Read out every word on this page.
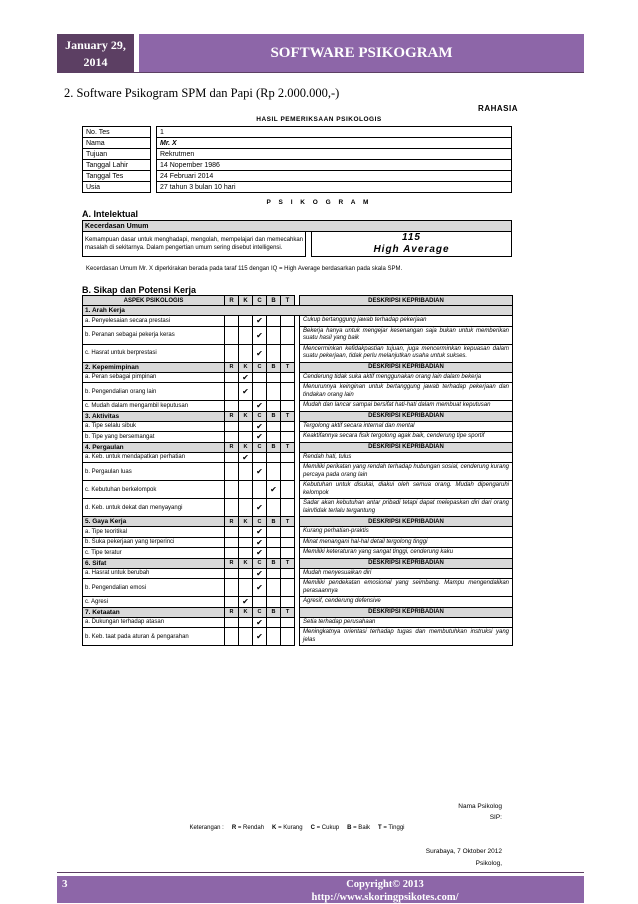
January 29,
2014
SOFTWARE PSIKOGRAM
2. Software Psikogram SPM dan Papi (Rp 2.000.000,-)
RAHASIA
HASIL PEMERIKSAAN PSIKOLOGIS
No. Tes		1
Nama		Mr. X
Tujuan		Rekrutmen
Tanggal Lahir		14 Nopember 1986
Tanggal Tes		24 Februari 2014
Usia		27 tahun 3 bulan 10 hari
P S I K O G R A M
A. Intelektual
Kecerdasan Umum
Kemampuan dasar untuk menghadapi, mengolah, mempelajari dan memecahkan masalah di sekitarnya. Dalam pengertian umum sering disebut intelligensi.		
115
High Average
Kecerdasan Umum Mr. X diperkirakan berada pada taraf 115 dengan IQ = High Average berdasarkan pada skala SPM.
B. Sikap dan Potensi Kerja
ASPEK PSIKOLOGIS	R	K	C	B	T		DESKRIPSI KEPRIBADIAN
1. Arah Kerja							
a. Penyelesaian secara prestasi			✔				Cukup bertanggung jawab terhadap pekerjaan
b. Peranan sebagai pekerja keras			✔				Bekerja hanya untuk mengejar kesenangan saja bukan untuk memberikan suatu hasil yang baik
c. Hasrat untuk berprestasi			✔				Mencerminkan kefidakpastian tujuan, juga mencerminkan kepuasan dalam suatu pekerjaan, tidak perlu melanjutkan usaha untuk sukses.
2. Kepemimpinan	R	K	C	B	T		DESKRIPSI KEPRIBADIAN
a. Peran sebagai pimpinan		✔					Cenderung tidak suka aktif menggunakan orang lain dalam bekerja
b. Pengendalian orang lain		✔					Menurunnya keinginan untuk bertanggung jawab terhadap pekerjaan dan tindakan orang lain
c. Mudah dalam mengambil keputusan			✔				Mudah dan lancar sampai bersifat hati-hati dalam membuat keputusan
3. Aktivitas	R	K	C	B	T		DESKRIPSI KEPRIBADIAN
a. Tipe selalu sibuk			✔				Tergolong aktif secara internal dan mental
b. Tipe yang bersemangat			✔				Keaktifannya secara fisik tergolong agak baik, cenderung tipe sportif
4. Pergaulan	R	K	C	B	T		DESKRIPSI KEPRIBADIAN
a. Keb. untuk mendapatkan perhatian		✔					Rendah hati, tulus
b. Pergaulan luas			✔				Memiliki perikatan yang rendah terhadap hubungan sosial, cenderung kurang percaya pada orang lain
c. Kebutuhan berkelompok				✔			Kebutuhan untuk disukai, diakui oleh semua orang. Mudah dipengaruhi kelompok
d. Keb. untuk dekat dan menyayangi			✔				Sadar akan kebutuhan antar pribadi tetapi dapat melepaskan diri dari orang lain/tidak terlalu tergantung
5. Gaya Kerja	R	K	C	B	T		DESKRIPSI KEPRIBADIAN
a. Tipe teoritikal			✔				Kurang perhatian-praktis
b. Suka pekerjaan yang terperinci			✔				Minat menangani hal-hal detail tergolong tinggi
c. Tipe teratur			✔				Memiliki keteraturan yang sangat tinggi, cenderung kaku
6. Sifat	R	K	C	B	T		DESKRIPSI KEPRIBADIAN
a. Hasrat untuk berubah			✔				Mudah menyesuaikan diri
b. Pengendalian emosi			✔				Memiliki pendekatan emosional yang seimbang. Mampu mengendalikan perasaannya
c. Agresi		✔					Agresif, cenderung defensive
7. Ketaatan	R	K	C	B	T		DESKRIPSI KEPRIBADIAN
a. Dukungan terhadap atasan			✔				Setia terhadap perusahaan
b. Keb. taat pada aturan & pengarahan			✔				Meningkatnya orientasi terhadap tugas dan membutuhkan instruksi yang jelas
Keterangan : R = Rendah K = Kurang C = Cukup B = Baik T = Tinggi
Surabaya, 7 Oktober 2012
Psikolog,
Nama Psikolog
SIP:
3	Copyright© 2013
http://www.skoringpsikotes.com/
